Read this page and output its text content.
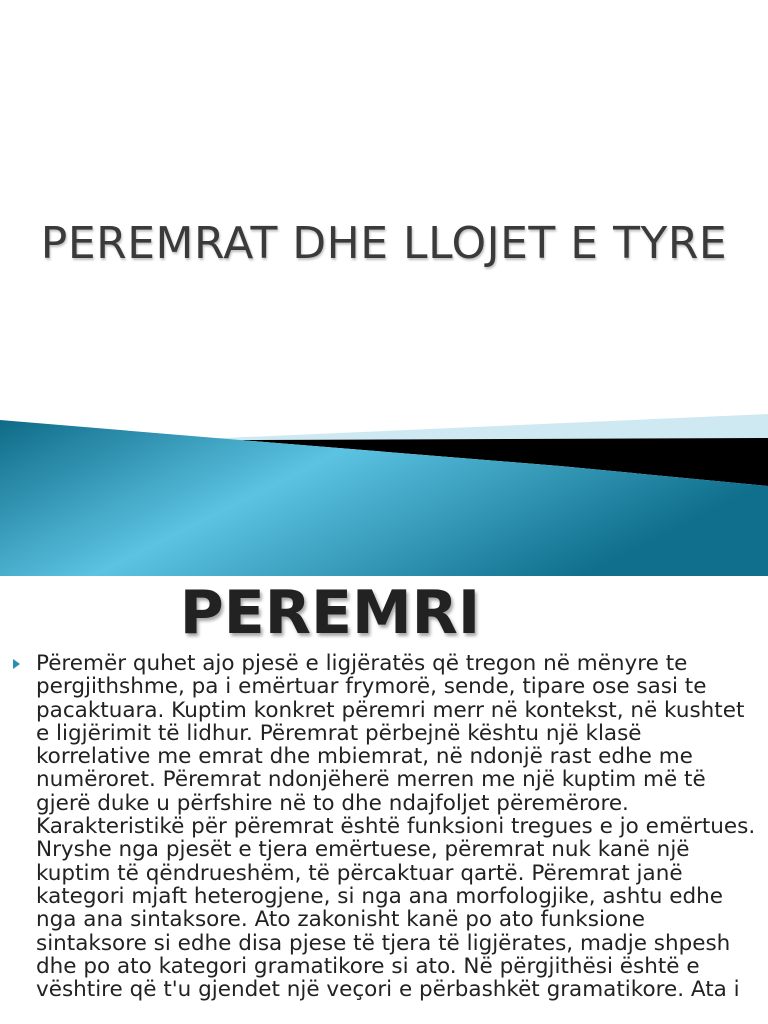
PEREMRAT DHE LLOJET E TYRE
PEREMRI

Përemër quhet ajo pjesë e ligjëratës që tregon në mënyre te pergjithshme, pa i emërtuar frymorë, sende, tipare ose sasi te pacaktuara. Kuptim konkret përemri merr në kontekst, në kushtet e ligjërimit të lidhur. Përemrat përbejnë kështu një klasë korrelative me emrat dhe mbiemrat, në ndonjë rast edhe me numëroret. Përemrat ndonjëherë merren me një kuptim më të gjerë duke u përfshire në to dhe ndajfoljet përemërore. Karakteristikë për përemrat është funksioni tregues e jo emërtues. Nryshe nga pjesët e tjera emërtuese, përemrat nuk kanë një kuptim të qëndrueshëm, të përcaktuar qartë. Përemrat janë kategori mjaft heterogjene, si nga ana morfologjike, ashtu edhe nga ana sintaksore. Ato zakonisht kanë po ato funksione sintaksore si edhe disa pjese të tjera të ligjërates, madje shpesh dhe po ato kategori gramatikore si ato. Në përgjithësi është e vështire që t'u gjendet një veçori e përbashkët gramatikore. Ata i
